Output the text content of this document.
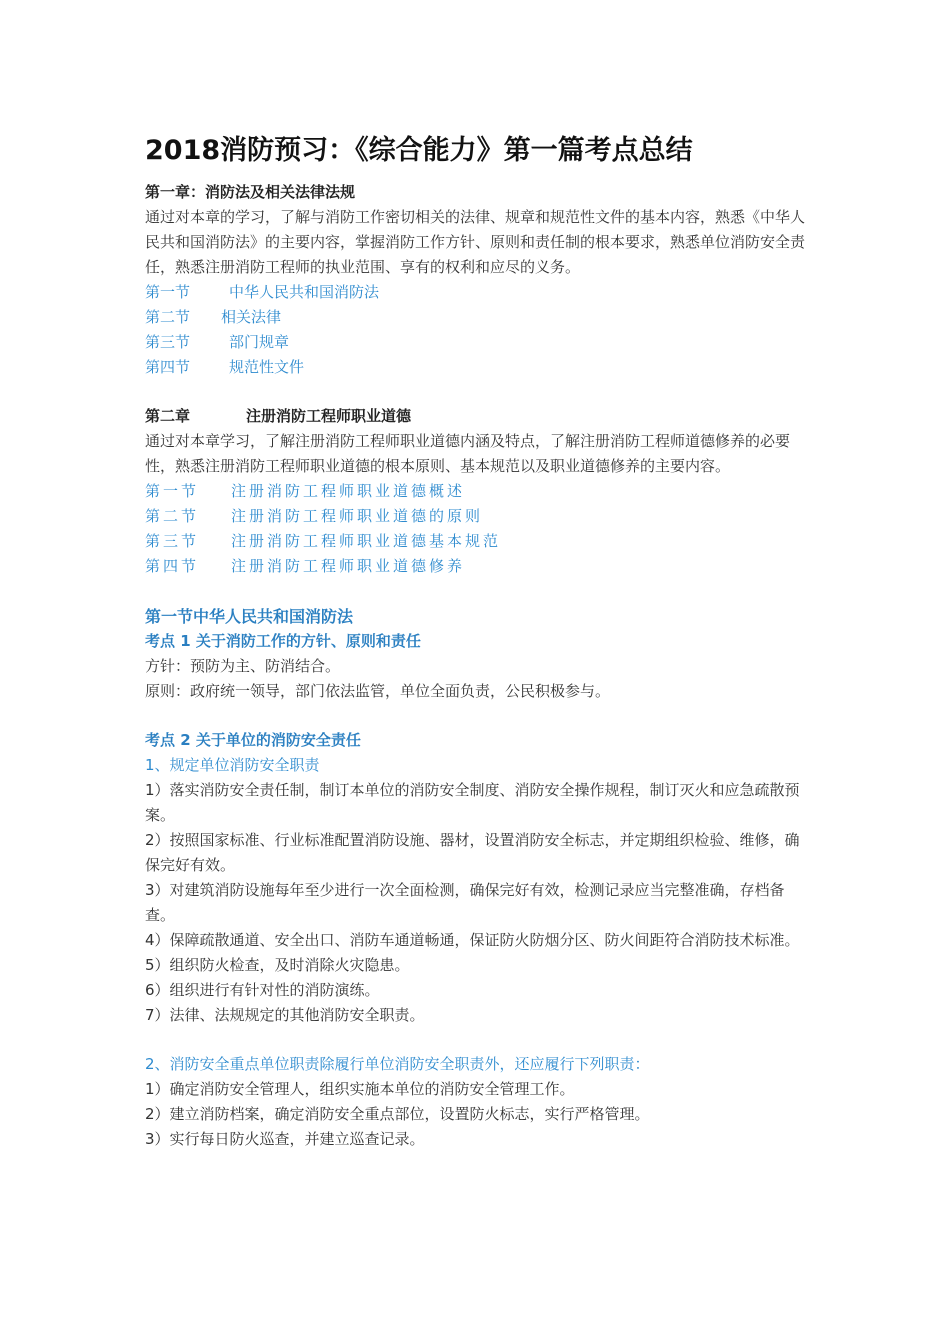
2018消防预习：《综合能力》第一篇考点总结

第一章：消防法及相关法律法规

通过对本章的学习，了解与消防工作密切相关的法律、规章和规范性文件的基本内容，熟悉《中华人民共和国消防法》的主要内容，掌握消防工作方针、原则和责任制的根本要求，熟悉单位消防安全责任，熟悉注册消防工程师的执业范围、享有的权利和应尽的义务。

第一节	中华人民共和国消防法

第二节 相关法律

第三节	部门规章

第四节	规范性文件

第二章	注册消防工程师职业道德

通过对本章学习，了解注册消防工程师职业道德内涵及特点，了解注册消防工程师道德修养的必要性，熟悉注册消防工程师职业道德的根本原则、基本规范以及职业道德修养的主要内容。

第一节 注册消防工程师职业道德概述

第二节 注册消防工程师职业道德的原则

第三节 注册消防工程师职业道德基本规范

第四节 注册消防工程师职业道德修养

第一节中华人民共和国消防法

考点 1 关于消防工作的方针、原则和责任

方针：预防为主、防消结合。

原则：政府统一领导，部门依法监管，单位全面负责，公民积极参与。

考点 2 关于单位的消防安全责任

1、规定单位消防安全职责

1）落实消防安全责任制，制订本单位的消防安全制度、消防安全操作规程，制订灭火和应急疏散预案。

2）按照国家标准、行业标准配置消防设施、器材，设置消防安全标志，并定期组织检验、维修，确保完好有效。

3）对建筑消防设施每年至少进行一次全面检测，确保完好有效，检测记录应当完整准确，存档备查。

4）保障疏散通道、安全出口、消防车通道畅通，保证防火防烟分区、防火间距符合消防技术标准。

5）组织防火检查，及时消除火灾隐患。

6）组织进行有针对性的消防演练。

7）法律、法规规定的其他消防安全职责。

2、消防安全重点单位职责除履行单位消防安全职责外，还应履行下列职责：

1）确定消防安全管理人，组织实施本单位的消防安全管理工作。

2）建立消防档案，确定消防安全重点部位，设置防火标志，实行严格管理。

3）实行每日防火巡查，并建立巡查记录。
